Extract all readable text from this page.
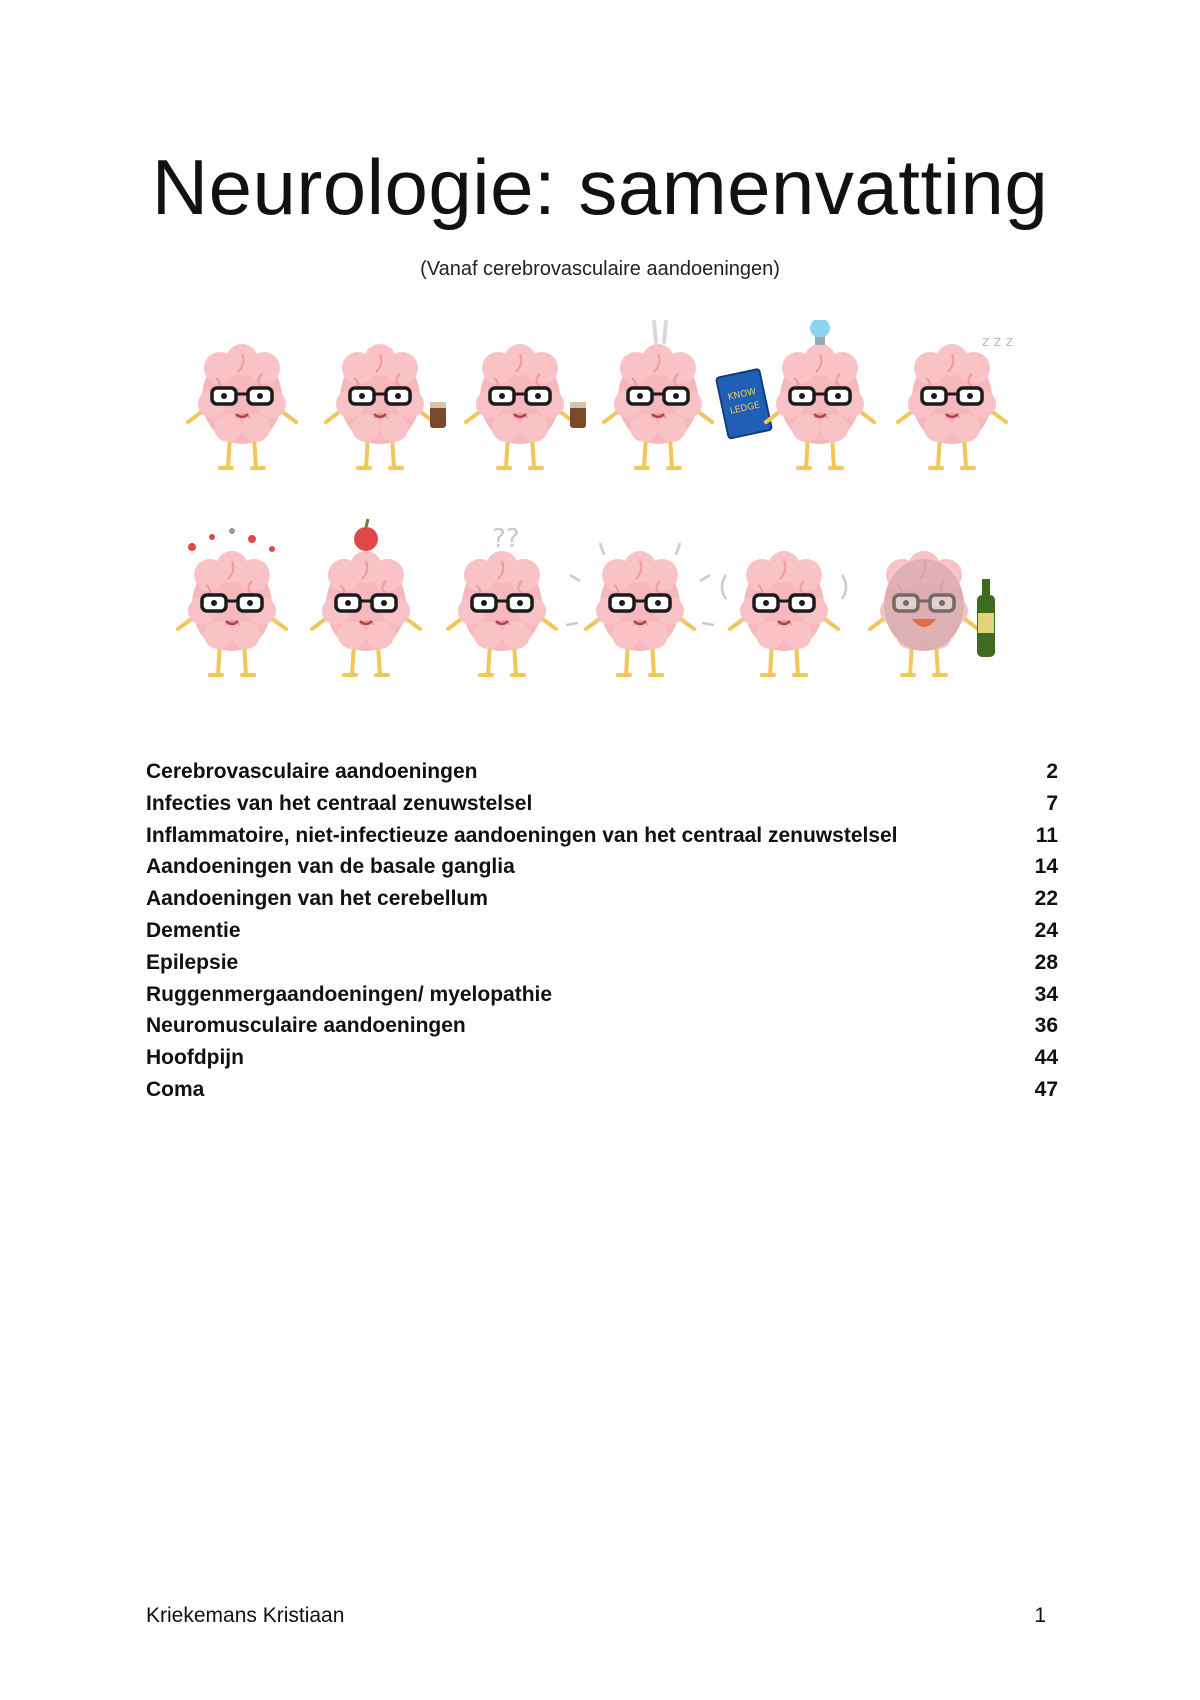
Neurologie: samenvatting
(Vanaf cerebrovasculaire aandoeningen)
KNOW
LEDGE
z z z
??
Cerebrovasculaire aandoeningen	2
Infecties van het centraal zenuwstelsel	7
Inflammatoire, niet-infectieuze aandoeningen van het centraal zenuwstelsel	11
Aandoeningen van de basale ganglia	14
Aandoeningen van het cerebellum	22
Dementie	24
Epilepsie	28
Ruggenmergaandoeningen/ myelopathie	34
Neuromusculaire aandoeningen	36
Hoofdpijn	44
Coma	47
Kriekemans Kristiaan	1
